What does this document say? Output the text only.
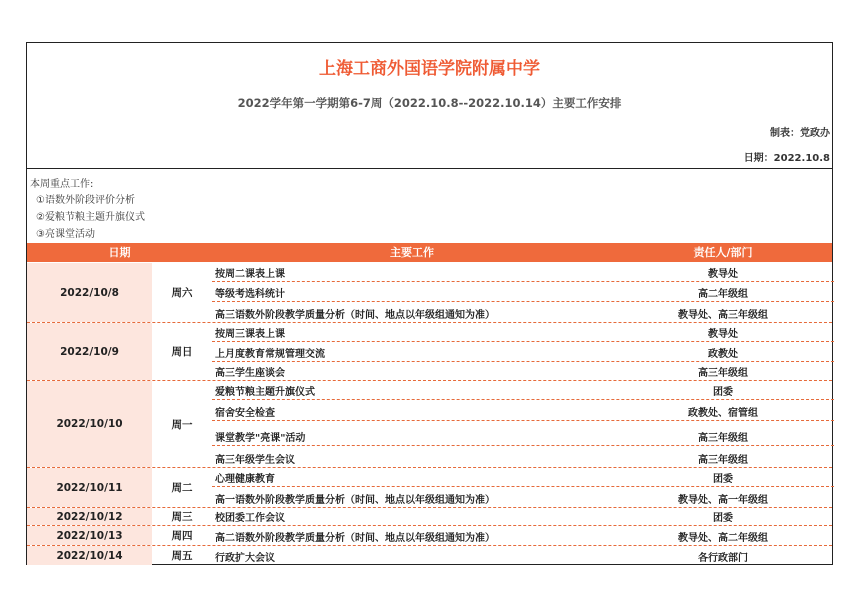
上海工商外国语学院附属中学
2022学年第一学期第6-7周（2022.10.8--2022.10.14）主要工作安排
制表：党政办
日期：2022.10.8
本周重点工作:
①语数外阶段评价分析
②爱粮节粮主题升旗仪式
③亮课堂活动
日期	主要工作	责任人/部门
2022/10/8	周六
按周二课表上课	教导处
等级考选科统计	高二年级组
高三语数外阶段教学质量分析（时间、地点以年级组通知为准）	教导处、高三年级组
2022/10/9	周日
按周三课表上课	教导处
上月度教育常规管理交流	政教处
高三学生座谈会	高三年级组
2022/10/10	周一
爱粮节粮主题升旗仪式	团委
宿舍安全检查	政教处、宿管组
课堂教学"亮课"活动	高三年级组
高三年级学生会议	高三年级组
2022/10/11	周二
心理健康教育	团委
高一语数外阶段教学质量分析（时间、地点以年级组通知为准）	教导处、高一年级组
2022/10/12	周三	校团委工作会议	团委
2022/10/13	周四	高二语数外阶段教学质量分析（时间、地点以年级组通知为准）	教导处、高二年级组
2022/10/14	周五	行政扩大会议	各行政部门
